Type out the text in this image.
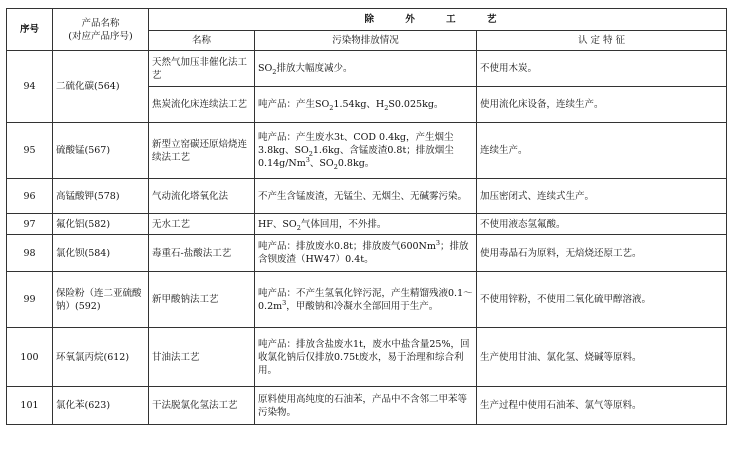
序号	产品名称
(对应产品序号)	除 外 工 艺		
		名称	污染物排放情况	认 定 特 征
94	二硫化碳(564)	天然气加压非催化法工艺	$SO_2$排放大幅度减少。	不使用木炭。
		焦炭流化床连续法工艺	吨产品：产生$SO_21.54kg$、$H_2S0.025kg$。	使用流化床设备，连续生产。
95	硫酸锰(567)	新型立窑碳还原焙烧连续法工艺	吨产品：产生废水3t、COD 0.4kg，产生烟尘3.8kg、$SO_21.6kg$、含锰废渣0.8t；排放烟尘0.14g/Nm$^3$、$SO_20.8kg$。	连续生产。
96	高锰酸钾(578)	气动流化塔氧化法	不产生含锰废渣，无锰尘、无烟尘、无碱雾污染。	加压密闭式、连续式生产。
97	氟化铝(582)	无水工艺	HF、$SO_2$气体回用，不外排。	不使用液态氢氟酸。
98	氯化钡(584)	毒重石-盐酸法工艺	吨产品：排放废水0.8t；排放废气600Nm$^3$；排放含钡废渣（HW47）0.4t。	使用毒晶石为原料，无焙烧还原工艺。
99	保险粉（连二亚硫酸钠）(592)	新甲酸钠法工艺	吨产品：不产生氢氧化锌污泥，产生精馏残液$0.1\sim 0.2m^3$，甲酸钠和冷凝水全部回用于生产。	不使用锌粉，不使用二氧化硫甲醇溶液。
100	环氧氯丙烷(612)	甘油法工艺	吨产品：排放含盐废水1t，废水中盐含量25%，回收氯化钠后仅排放0.75t废水，易于治理和综合利用。	生产使用甘油、氯化氢、烧碱等原料。
101	氯化苯(623)	干法脱氯化氢法工艺	原料使用高纯度的石油苯，产品中不含邻二甲苯等污染物。	生产过程中使用石油苯、氯气等原料。
